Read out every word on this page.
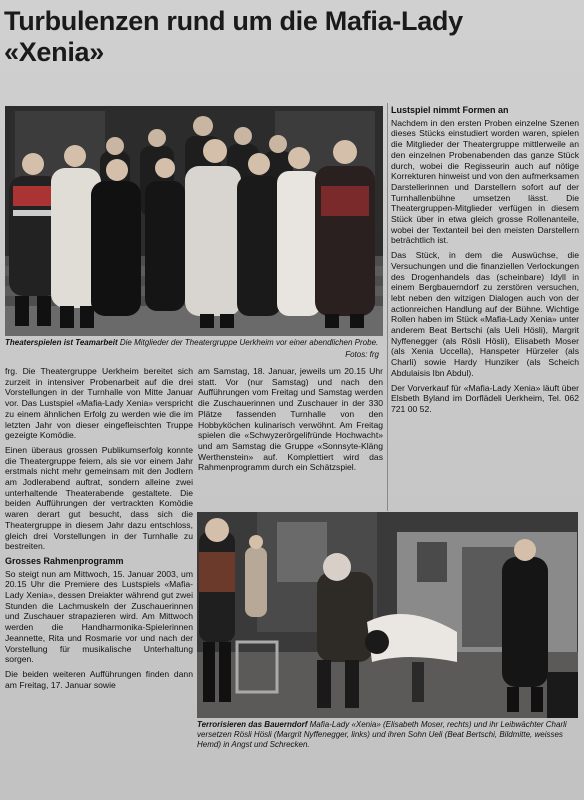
Turbulenzen rund um die Mafia-Lady
«Xenia»
Theaterspielen ist Teamarbeit Die Mitglieder der Theatergruppe Uerkheim vor einer abendlichen Probe.
Fotos: frg

frg. Die Theatergruppe Uerkheim bereitet sich zurzeit in intensiver Probenarbeit auf die drei Vorstellungen in der Turnhalle von Mitte Januar vor. Das Lustspiel «Mafia-Lady Xenia» verspricht zu einem ähnlichen Erfolg zu werden wie die im letzten Jahr von dieser eingefleischten Truppe gezeigte Komödie.

Einen überaus grossen Publikumserfolg konnte die Theatergruppe feiern, als sie vor einem Jahr erstmals nicht mehr gemeinsam mit den Jodlern am Jodlerabend auftrat, sondern alleine zwei unterhaltende Theaterabende gestaltete. Die beiden Aufführungen der vertrackten Komödie waren derart gut besucht, dass sich die Theatergruppe in diesem Jahr dazu entschloss, gleich drei Vorstellungen in der Turnhalle zu bestreiten.

Grosses Rahmenprogramm

So steigt nun am Mittwoch, 15. Januar 2003, um 20.15 Uhr die Premiere des Lustspiels «Mafia-Lady Xenia», dessen Dreiakter während gut zwei Stunden die Lachmuskeln der Zuschauerinnen und Zuschauer strapazieren wird. Am Mittwoch werden die Handharmonika-Spielerinnen Jeannette, Rita und Rosmarie vor und nach der Vorstellung für musikalische Unterhaltung sorgen.

Die beiden weiteren Aufführungen finden dann am Freitag, 17. Januar sowie

am Samstag, 18. Januar, jeweils um 20.15 Uhr statt. Vor (nur Samstag) und nach den Aufführungen vom Freitag und Samstag werden die Zuschauerinnen und Zuschauer in der 330 Plätze fassenden Turnhalle von den Hobbyköchen kulinarisch verwöhnt. Am Freitag spielen die «Schwyzerörgelifründe Hochwacht» und am Samstag die Gruppe «Sonnsyte-Kläng Werthenstein» auf. Komplettiert wird das Rahmenprogramm durch ein Schätzspiel.

Lustspiel nimmt Formen an

Nachdem in den ersten Proben einzelne Szenen dieses Stücks einstudiert worden waren, spielen die Mitglieder der Theatergruppe mittlerweile an den einzelnen Probenabenden das ganze Stück durch, wobei die Regisseurin auch auf nötige Korrekturen hinweist und von den aufmerksamen Darstellerinnen und Darstellern sofort auf der Turnhallenbühne umsetzen lässt. Die Theatergruppen-Mitglieder verfügen in diesem Stück über in etwa gleich grosse Rollenanteile, wobei der Textanteil bei den meisten Darstellern beträchtlich ist.

Das Stück, in dem die Auswüchse, die Versuchungen und die finanziellen Verlockungen des Drogenhandels das (scheinbare) Idyll in einem Bergbauerndorf zu zerstören versuchen, lebt neben den witzigen Dialogen auch von der actionreichen Handlung auf der Bühne. Wichtige Rollen haben im Stück «Mafia-Lady Xenia» unter anderem Beat Bertschi (als Ueli Hösli), Margrit Nyffenegger (als Rösli Hösli), Elisabeth Moser (als Xenia Uccella), Hanspeter Hürzeler (als Charli) sowie Hardy Hunziker (als Scheich Abdulaisis Ibn Abdul).

Der Vorverkauf für «Mafia-Lady Xenia» läuft über Elsbeth Byland im Dorflädeli Uerkheim, Tel. 062 721 00 52.

Terrorisieren das Bauerndorf Mafia-Lady «Xenia» (Elisabeth Moser, rechts) und ihr Leibwächter Charli versetzen Rösli Hösli (Margrit Nyffenegger, links) und ihren Sohn Ueli (Beat Bertschi, Bildmitte, weisses Hemd) in Angst und Schrecken.
